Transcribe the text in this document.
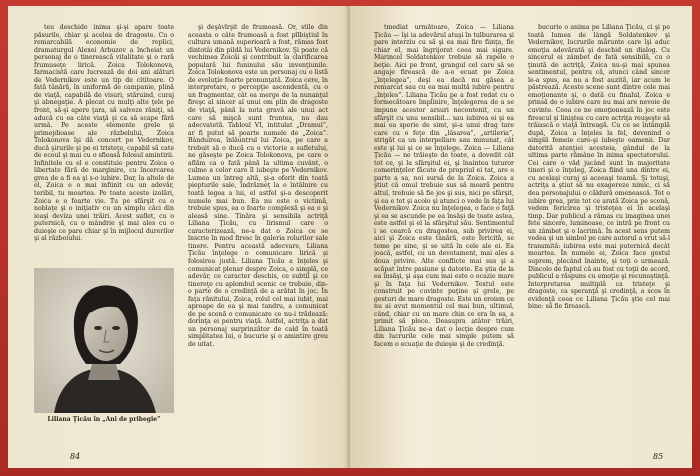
teu deschide inima şi-şi apare toate păsurile, chiar şi acelea de dragoste. Cu o remarcabilă economie de replici, dramaturgul Alexei Arbuzov a încheiat un personaj de o tinerească vitalitate şi o rară frumuseţe lirică. Zoica Tolokonova, farmacistă care lucrează de doi ani alături de Vedernikov este un tip de cititoare. O fată tânără, în uniformă de campanie, plină de viaţă, capabilă de visuri, stăruind, curaj şi abnegaţie. A plecat cu mulţi alte ţele pe front, să-şi apere ţara, să salveze răniţi, să aducă cu ea câte viaţă şi ca să scape fără urmă. Pe aceste elemente grele şi primejdioase ale răzbelului, Zoica Tolokonova îşi dă concert pe Vedernikov, ducă şirurile şi pe ei tristeţe, capabil să cate de ecoul şi mai cu o sfioasă folosul amintirii. Infinitele cu el e constituie pentru Zoica o libertate fără de marginire, cu încercarea grea de a fi ea şi s-o iubire. Dar, la altele de el, Zoica e o mai infiinit cu un adevăr, teribil, tu moartea. Pe toate aceste izolări, Zoica e o foarte vie. Tu pe sfârşit cu o noblaţe şi o iniţiativ cu un simplu căci din ieaşi deviza unei trăiri. Acest suflet, cu o puternică, cu o mândrie şi mai ales cu o duioşie ce pare chiar şi în mijlocul durerilor şi al războiului.

şi deşăvîrşit de frumoasă. Or, stile din aceasta o câte frumoasă a fost pîlbiştiul în cultura umană superioară a fost, rămas fost dintotâi din pildă lui Vedernikov. Şi poate că vechimea Zoicăi şi contribuit la clarificarea populară lui funinului său invenţiunile. Zoica Tolokonova este un personaj cu o listă de evoluţie foarte pronunţată. Zoica cere, în interpretare, o percepţie ascendentă, cu o un fragmentar, cât ea merge de la nunanţul fireşc al sincer al unui om plin de dragoste de viaţă, până la nota gravă ale unui act care să mişcă sunt fruntea, nu dau adecvatetă. Tabloul VI, intitulat „Dramul”, ar fi putut să poarte numele de „Zoica”. Bânduirea, înlăuntrul lui Zoica, pe care a trebuit să o ducă cu o victorie a sufletului, ne găseşte pe Zoica Tolokonova, pe care o aflăm ca o fată până la ultima cuvânt, o culme a celor care îl iubeşte pe Vedernikov. Lumea un întreg altă, şi-a oferit din toată piepturile sale, îndrăzneţ la o întâlnire cu toată legea a lui, el astfel şi-a descoperit numele mai bun. Ea nu este o victimă, trebuie spus, ea o foarte complexă şi ea o şi aleasă sine. Tinăra şi sensibila actriţă Liliana Ţicău, cu lirismul care o caracterizează, ne-a dat o Zoica ce se înscrie în mod firesc în galeria rolurilor sale tinere. Pentru această adecvare, Liliana Ţicău înţelege o comunicare lirică şi folosirea justă. Liliana Ţicău a înţeles şi comunicat plenar despre Zoica, o simplă, ce adevăr, ce caracter deschis, ce subtil şi ce tinereţe cu aplombul scenic ce trebuie, din-o parte de o credinţă de a arătat în joc. În faţa rănitului, Zoica, rolul cel mai iubit, mai aproape de ea şi mai tandru, a comunicat de pe scenă o comunicare ce nu-i trădează: dorinţa ei pentru viaţă. Astfel, actriţa a dat un personaj surprinzător de cald în toată simplitatea lui, o bucurie şi o amintire greu de uitat.

Liliana Ţicău în „Ani de pribegie”
84

tmediat următoare, Zoica — Liliana Ţicău — îşi ia adevărul atuşi în tulburarea şi pare interziu cu să şi ea mai fire fiinţa, fie chiar el, mai îngrijorat ceea mai sigure. Marincel Soldatenkov trebuie să rapele o beţie. Aici pe front, grangul cel care să se angaje firească de a-o ecuat pe Zoica „înţelegea”, deşi ea dacă nu găsea a remarcat sau cu ea mai multă iubire pentru „înţeles”. Liliana Ţicău pe a fost redat cu o formecătoare împlinire, înţelegerea de a se impune acestor arsuri necontenit, cu un sfârşit cu unu sensibil... sau iubirea ei şi ea mai ea sperie de simt, şi-a unui drag tare care cu o feţe din „lăsarea”, „artileria”, strigăt ca un interpellare sau minunat, cât este şi lui şi ce se înţelege. Zoica — Liliana Ţicău — ne trăieşte de toate, a dovedit cât tot ce, şi la sfârşitul ei, şi înaintea tuturor comerinţelor făcute de propriul ei tat, are o parte a sa, noi sursă de la Zoica. Zoica a ştiut că omul trebuie sus să moară pentru altul, trebuie să fie jos şi sus, nici pe sfârşit, şi ea e tot şi acolo şi atunci o vede în faţa lui Vedernikov. Zoica nu înţelegea, o face o faţă şi ea se ascunde pe ea însăşi de toate astea, este astfel şi el la sfârşitul său. Sentimentul i se cearcă cu dragostea, sub privirea ei, aici şi Zoica este tânără, este fericită, se teme pe sine, şi se uită în cele ale ei. Ea joacă, astfel, cu un devotament, mai ales a doua privire. Alte conflicte mai sus şi a scăpat între pasiune şi datorie. Ea ştia de la ea însăşi, şi aşa cum mai este o ocazie mare şi în faţa lui Vedernikov. Textul este construit pe cuvinte puţine şi grele, pe gesturi de mare dragoste. Este un eroism ce nu ai avut momentul cel mai bun, ultimul, când, chiar cu un mare chin ce era în ea, a primit să plece. Deasupra atâtor trăiri, Liliana Ţicău ne-a dat o lecţie despre cum din lucrurile cele mai simple putem să facem o ecuaţie de duioşie şi de credinţă.

bucurie o anima pe Liliana Ţicău, ci şi pe toată lumea de lângă Soldatenkov şi Vedernikov, lucrurile mărunte care îşi aduc emoţia adevărată şi deschid un dialog. Cu sincerul ei zâmbet de fată sensibilă, cu o ţinută de actriţă, Zoica nu-şi mai spunea sentimentul, pentru că, atunci când sincer le-a spus, ea nu a fost auzită, iar acum le păstrează. Aceste scene sunt dintre cele mai emoţionante şi, o dată cu finalul, Zoica e prinsă de o iubire care nu mai are nevoie de cuvinte. Ceea ce ne emoţionează în joc este firescul şi liniştea cu care actriţa reuşeşte să trăiască o viaţă întreagă. Cu ce se întâmplă după, Zoica a înţeles la fel, devenind o simplă femeie care-şi iubeşte oamenii. Dar datorită atenţiei acesteia, gândul de la ultima parte rămâne în inima spectatorului. Cei care o văd jucând sunt în majoritate tineri şi o înţeleg, Zoica fiind una dintre ei, cu acelaşi curaj şi aceeaşi teamă. Şi totuşi, actriţa a ştiut să nu exagereze nimic, ci să dea personajului o căldură omenească. Tot o iubire grea, prin tot ce arată Zoica pe scenă, vedem fericirea şi tristeţea ei în acelaşi timp. Dar publicul a rămas cu imaginea unei fete sincere, luminoase, ce intră pe front cu un zâmbet şi o lacrimă. În acest sens putem vedea şi un simbol pe care autorul a vrut să-l transmită: iubirea este mai puternică decât moartea. În numele ei, Zoica face gestul suprem, plecând înainte, şi toţi o urmează. Dincolo de faptul că au fost cu toţii de acord, publicul a răspuns cu emoţie şi recunoştinţă. Interpretarea multiplă ca tristeţe şi dragoste, ca speranţă şi credinţă, a scos în evidenţă ceea ce Liliana Ţicău ştie cel mai bine: să fie firească.

85
